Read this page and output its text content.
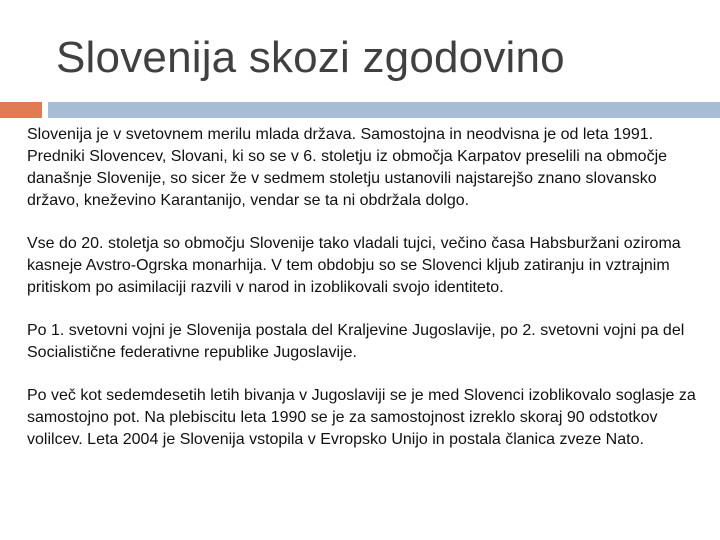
Slovenija skozi zgodovino

Slovenija je v svetovnem merilu mlada država. Samostojna in neodvisna je od leta 1991. Predniki Slovencev, Slovani, ki so se v 6. stoletju iz območja Karpatov preselili na območje današnje Slovenije, so sicer že v sedmem stoletju ustanovili najstarejšo znano slovansko državo, kneževino Karantanijo, vendar se ta ni obdržala dolgo.

Vse do 20. stoletja so območju Slovenije tako vladali tujci, večino časa Habsburžani oziroma kasneje Avstro-Ogrska monarhija. V tem obdobju so se Slovenci kljub zatiranju in vztrajnim pritiskom po asimilaciji razvili v narod in izoblikovali svojo identiteto.

Po 1. svetovni vojni je Slovenija postala del Kraljevine Jugoslavije, po 2. svetovni vojni pa del Socialistične federativne republike Jugoslavije.

Po več kot sedemdesetih letih bivanja v Jugoslaviji se je med Slovenci izoblikovalo soglasje za samostojno pot. Na plebiscitu leta 1990 se je za samostojnost izreklo skoraj 90 odstotkov volilcev. Leta 2004 je Slovenija vstopila v Evropsko Unijo in postala članica zveze Nato.
